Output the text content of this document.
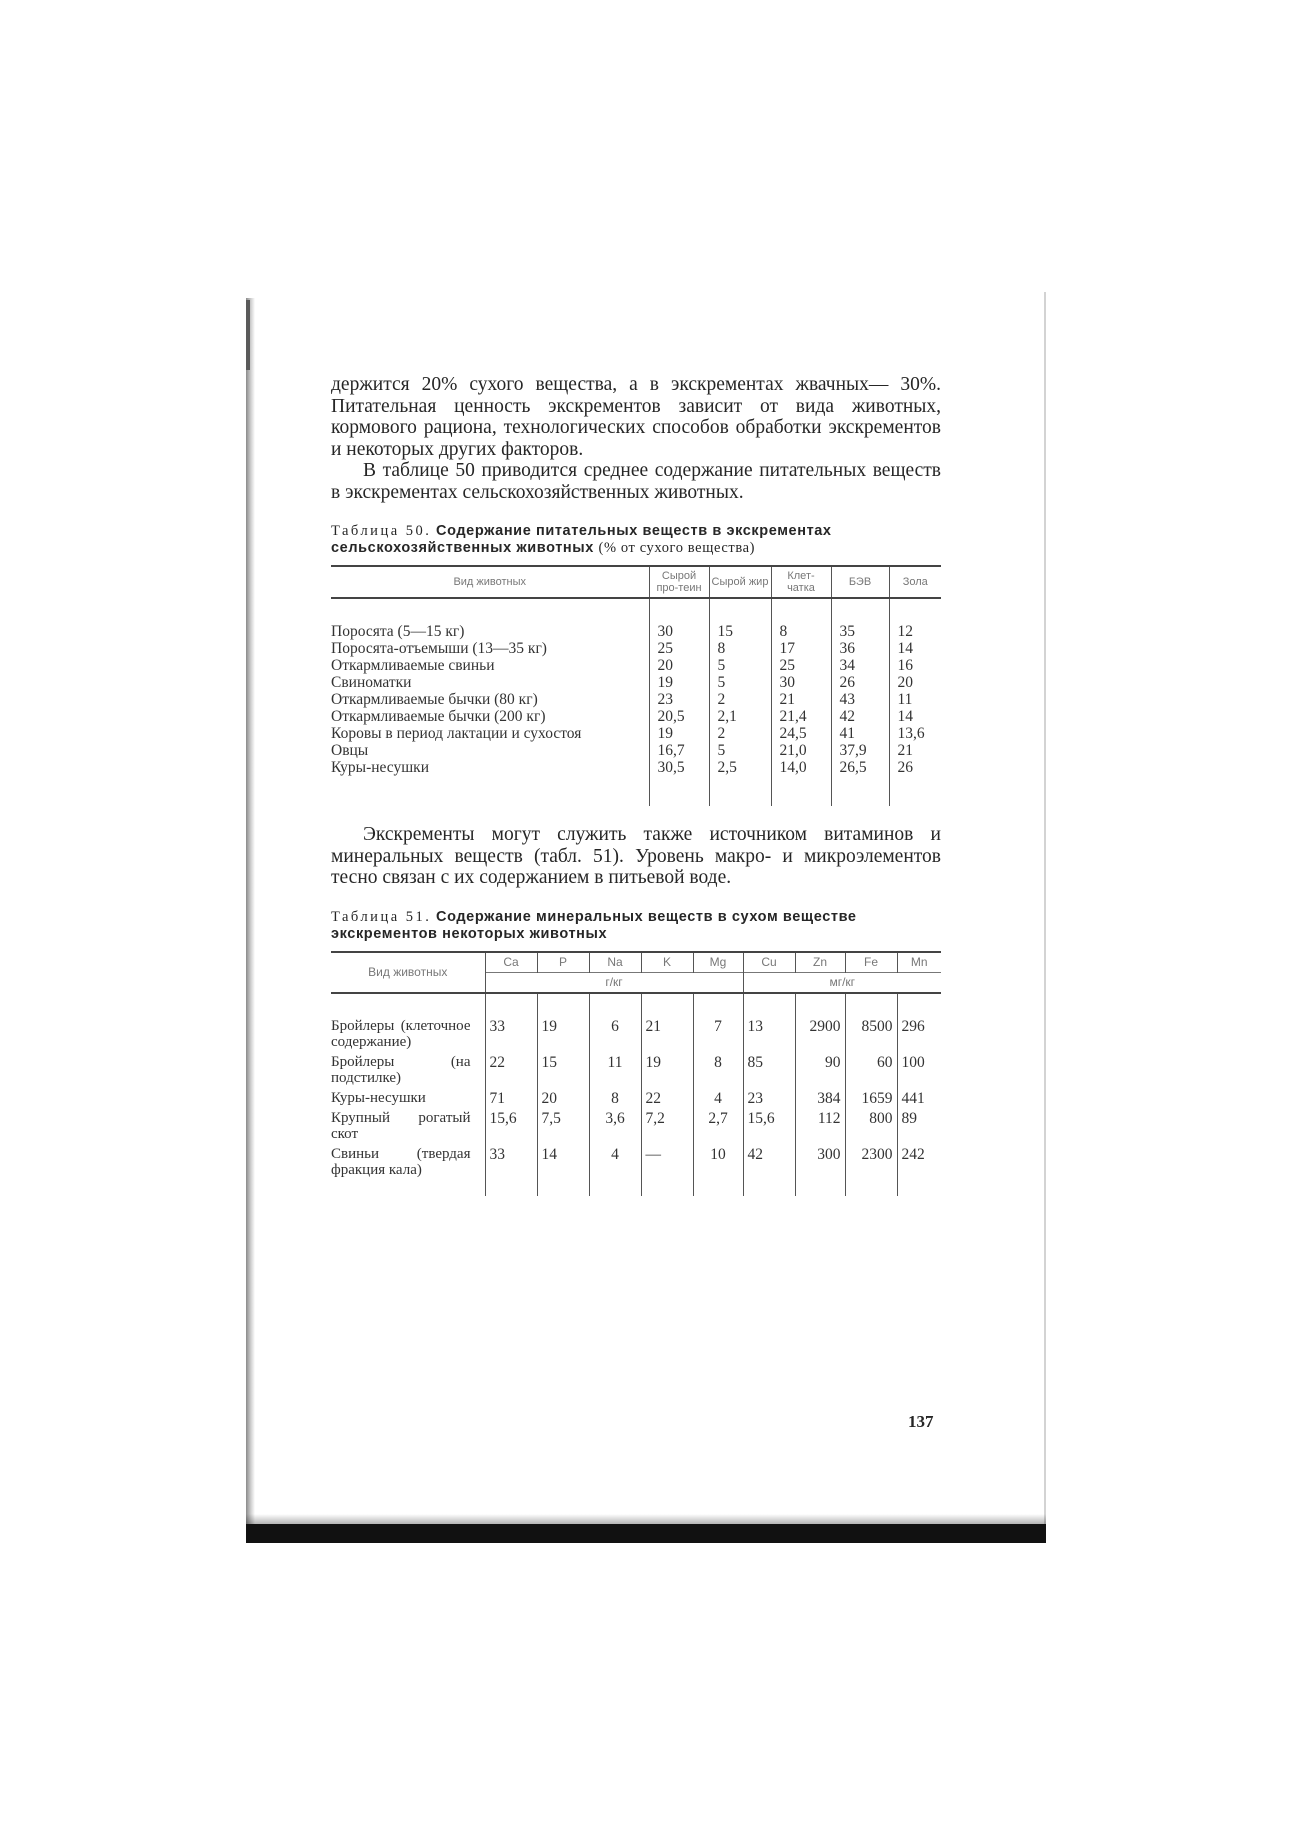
держится 20% сухого вещества, а в экскрементах жвачных— 30%. Питательная ценность экскрементов зависит от вида животных, кормового рациона, технологических способов обработки экскрементов и некоторых других факторов.

В таблице 50 приводится среднее содержание питательных веществ в экскрементах сельскохозяйственных животных.

Таблица 50. Содержание питательных веществ в экскрементах сельскохозяйственных животных (% от сухого вещества)
Вид животных	Сырой про-теин	Сырой жир	Клет-чатка	БЭВ	Зола

Поросята (5—15 кг)	30	15	8	35	12
Поросята-отъемыши (13—35 кг)	25	8	17	36	14
Откармливаемые свиньи	20	5	25	34	16
Свиноматки	19	5	30	26	20
Откармливаемые бычки (80 кг)	23	2	21	43	11
Откармливаемые бычки (200 кг)	20,5	2,1	21,4	42	14
Коровы в период лактации и сухостоя	19	2	24,5	41	13,6
Овцы	16,7	5	21,0	37,9	21
Куры-несушки	30,5	2,5	14,0	26,5	26

Экскременты могут служить также источником витаминов и минеральных веществ (табл. 51). Уровень макро- и микроэлементов тесно связан с их содержанием в питьевой воде.

Таблица 51. Содержание минеральных веществ в сухом веществе экскрементов некоторых животных
Вид животных	Ca	P	Na	K	Mg	Cu	Zn	Fe	Mn
	г/кг					мг/кг			

Бройлеры (клеточное содержание)	33	19	6	21	7	13	2900	8500	296
Бройлеры (на подстилке)	22	15	11	19	8	85	90	60	100
Куры-несушки	71	20	8	22	4	23	384	1659	441
Крупный рогатый скот	15,6	7,5	3,6	7,2	2,7	15,6	112	800	89
Свиньи (твердая фракция кала)	33	14	4	—	10	42	300	2300	242

137
